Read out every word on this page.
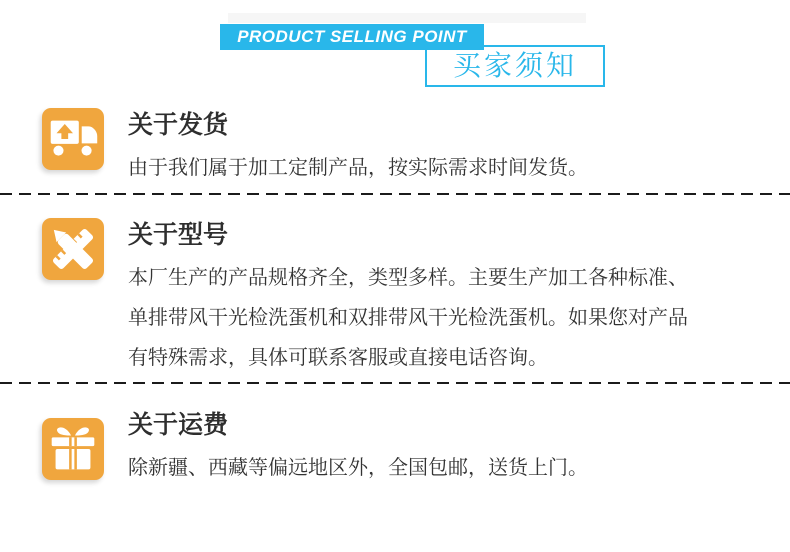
PRODUCT SELLING POINT
买家须知
关于发货
由于我们属于加工定制产品，按实际需求时间发货。
关于型号
本厂生产的产品规格齐全，类型多样。主要生产加工各种标准、
单排带风干光检洗蛋机和双排带风干光检洗蛋机。如果您对产品
有特殊需求，具体可联系客服或直接电话咨询。
关于运费
除新疆、西藏等偏远地区外，全国包邮，送货上门。
